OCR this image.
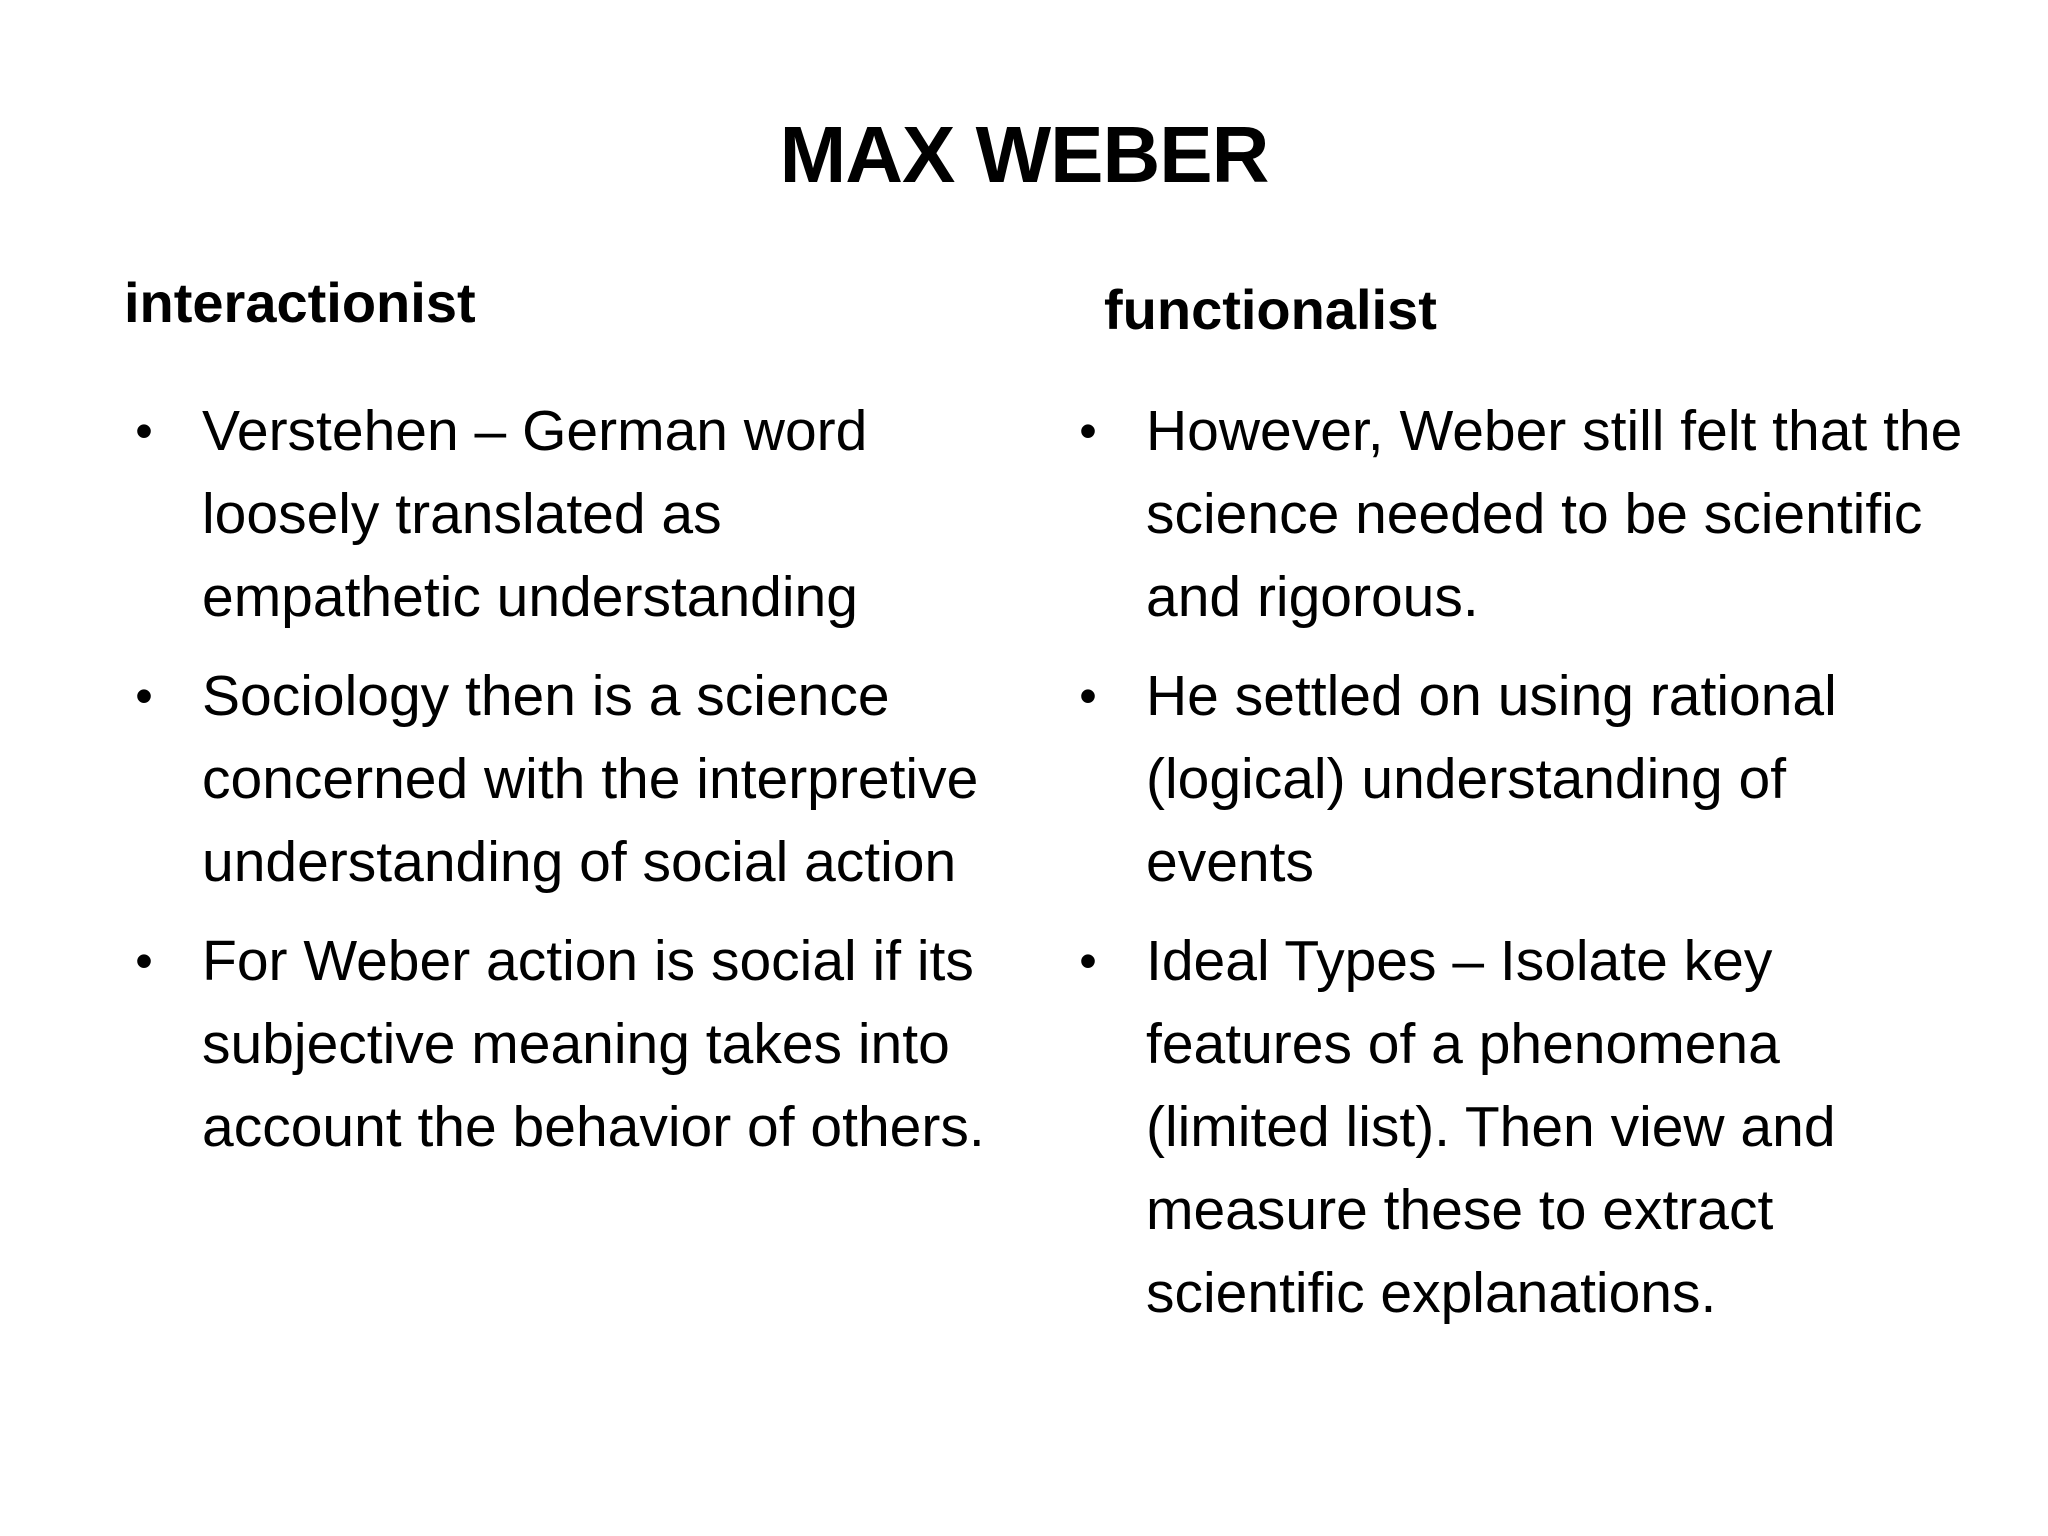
MAX WEBER
interactionist	functionalist
• Verstehen – German word loosely translated as empathetic understanding
• Sociology then is a science concerned with the interpretive understanding of social action
• For Weber action is social if its subjective meaning takes into account the behavior of others.
• However, Weber still felt that the science needed to be scientific and rigorous.
• He settled on using rational (logical) understanding of events
• Ideal Types – Isolate key features of a phenomena (limited list). Then view and measure these to extract scientific explanations.
